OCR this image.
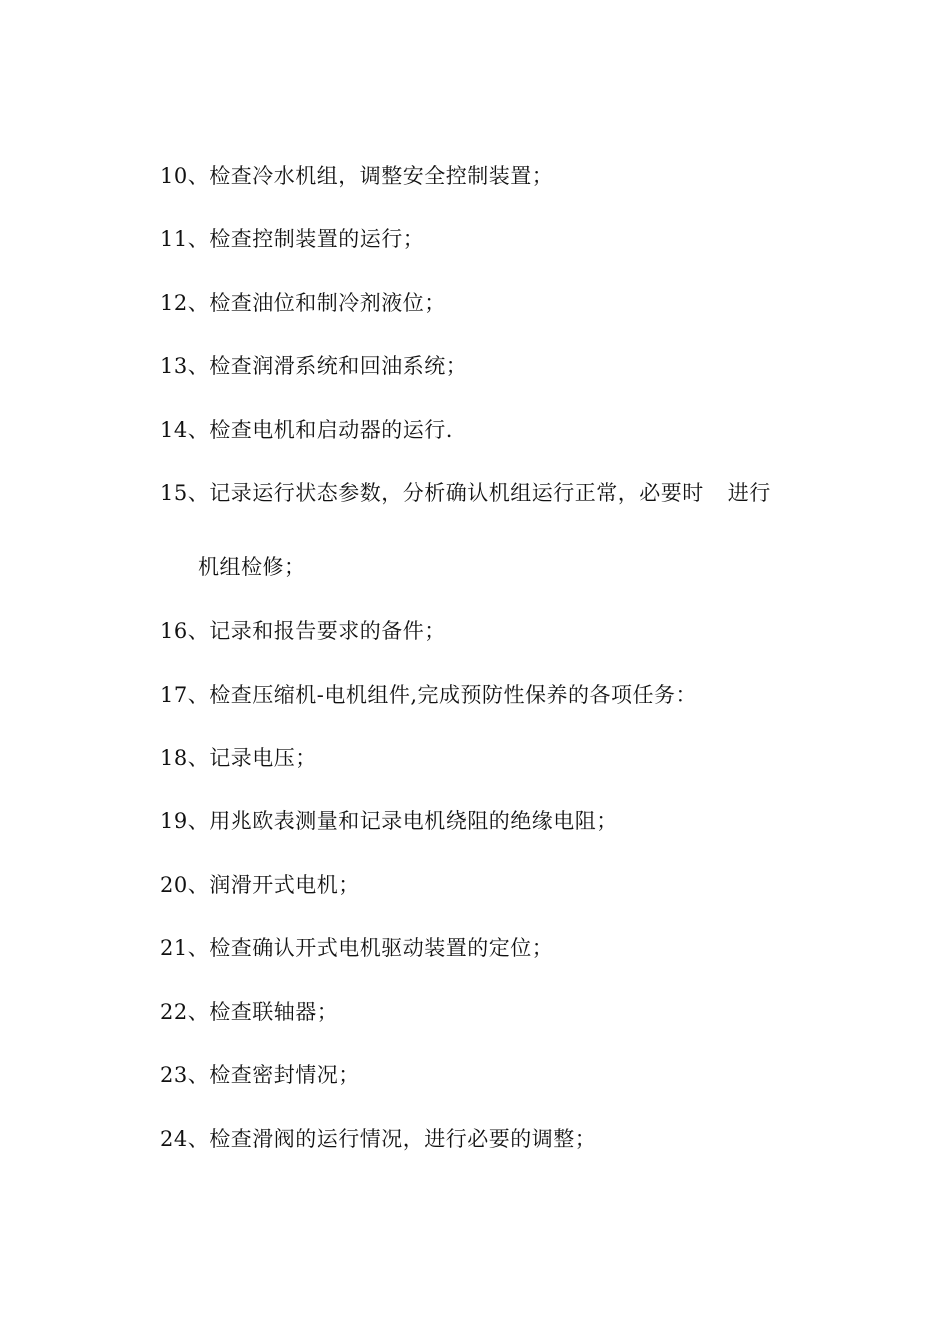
10、检查冷水机组，调整安全控制装置；
11、检查控制装置的运行；
12、检查油位和制冷剂液位；
13、检查润滑系统和回油系统；
14、检查电机和启动器的运行.
15、记录运行状态参数，分析确认机组运行正常，必要时 进行
机组检修；
16、记录和报告要求的备件；
17、检查压缩机-电机组件,完成预防性保养的各项任务：
18、记录电压；
19、用兆欧表测量和记录电机绕阻的绝缘电阻；
20、润滑开式电机；
21、检查确认开式电机驱动装置的定位；
22、检查联轴器；
23、检查密封情况；
24、检查滑阀的运行情况，进行必要的调整；
